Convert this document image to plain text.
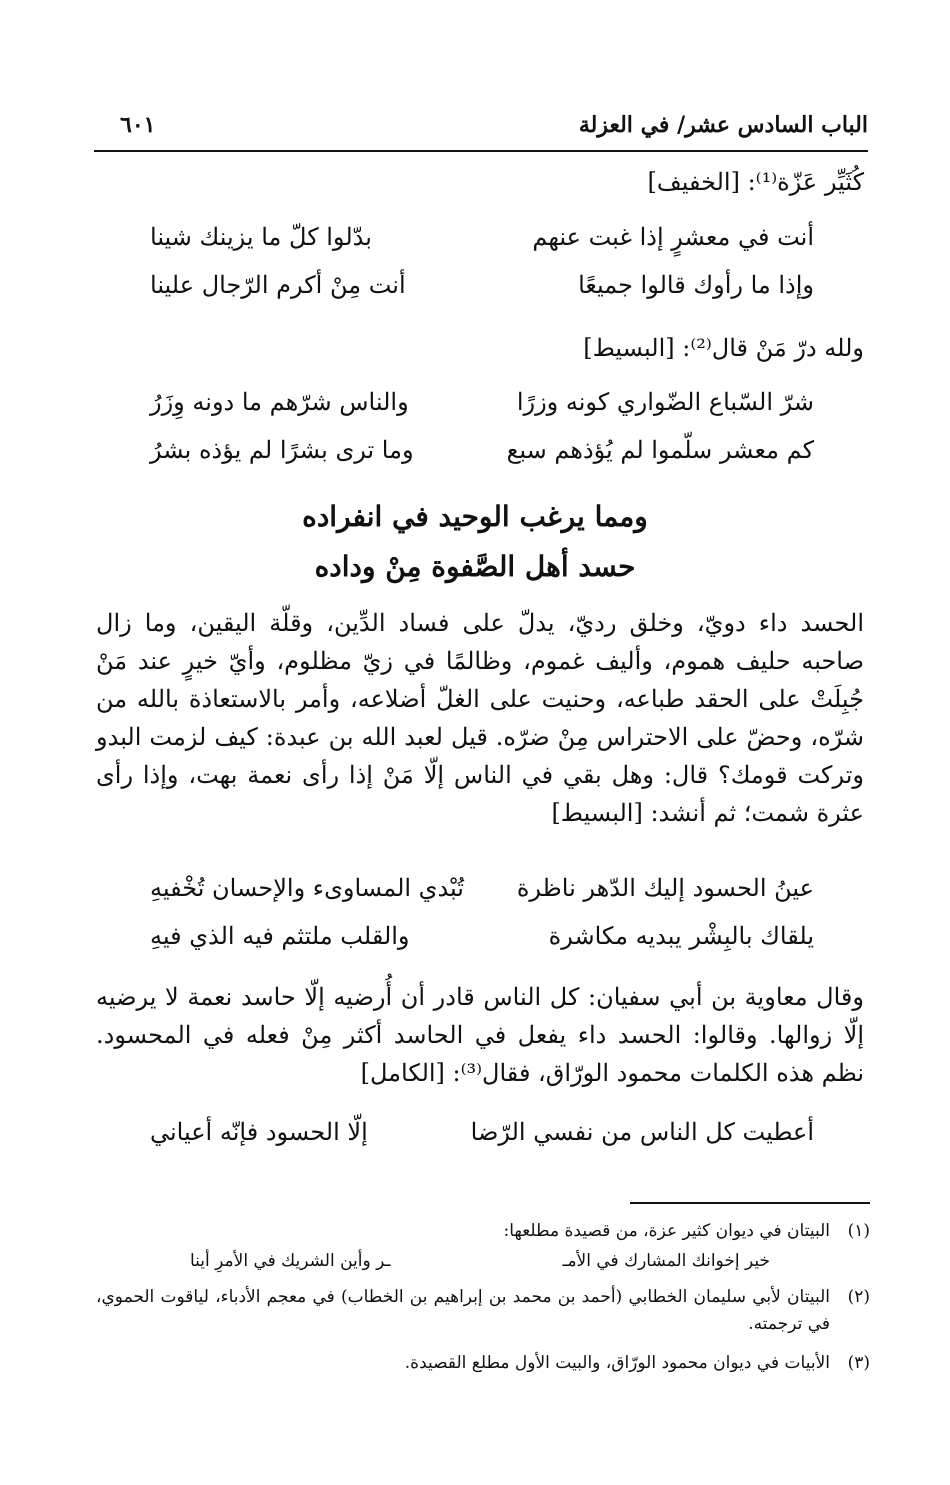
الباب السادس عشر/ في العزلة
٦٠١
كُثَيِّر عَزّة⁽¹⁾: [الخفيف]
أنت في معشرٍ إذا غبت عنهم
بدّلوا كلّ ما يزينك شينا
وإذا ما رأوك قالوا جميعًا
أنت مِنْ أكرم الرّجال علينا
ولله درّ مَنْ قال⁽²⁾: [البسيط]
شرّ السّباع الضّواري كونه وزرًا
والناس شرّهم ما دونه وِزَرُ
كم معشر سلّموا لم يُؤذهم سبع
وما ترى بشرًا لم يؤذه بشرُ
ومما يرغب الوحيد في انفراده
حسد أهل الصَّفوة مِنْ وداده
الحسد داء دويّ، وخلق رديّ، يدلّ على فساد الدِّين، وقلّة اليقين، وما زال صاحبه حليف هموم، وأليف غموم، وظالمًا في زيّ مظلوم، وأيّ خيرٍ عند مَنْ جُبِلَتْ على الحقد طباعه، وحنيت على الغلّ أضلاعه، وأمر بالاستعاذة بالله من شرّه، وحضّ على الاحتراس مِنْ ضرّه. قيل لعبد الله بن عبدة: كيف لزمت البدو وتركت قومك؟ قال: وهل بقي في الناس إلّا مَنْ إذا رأى نعمة بهت، وإذا رأى عثرة شمت؛ ثم أنشد: [البسيط]
عينُ الحسود إليك الدّهر ناظرة
تُبْدي المساوىء والإحسان تُخْفيهِ
يلقاك بالبِشْر يبديه مكاشرة
والقلب ملتثم فيه الذي فيهِ
وقال معاوية بن أبي سفيان: كل الناس قادر أن أُرضيه إلّا حاسد نعمة لا يرضيه إلّا زوالها. وقالوا: الحسد داء يفعل في الحاسد أكثر مِنْ فعله في المحسود. نظم هذه الكلمات محمود الورّاق، فقال⁽³⁾: [الكامل]
أعطيت كل الناس من نفسي الرّضا
إلّا الحسود فإنّه أعياني
(١)
البيتان في ديوان كثير عزة، من قصيدة مطلعها:
خير إخوانك المشارك في الأمـ
ـر وأين الشريك في الأمرِ أينا
(٢)
البيتان لأبي سليمان الخطابي (أحمد بن محمد بن إبراهيم بن الخطاب) في معجم الأدباء، لياقوت الحموي، في ترجمته.
(٣)
الأبيات في ديوان محمود الورّاق، والبيت الأول مطلع القصيدة.
